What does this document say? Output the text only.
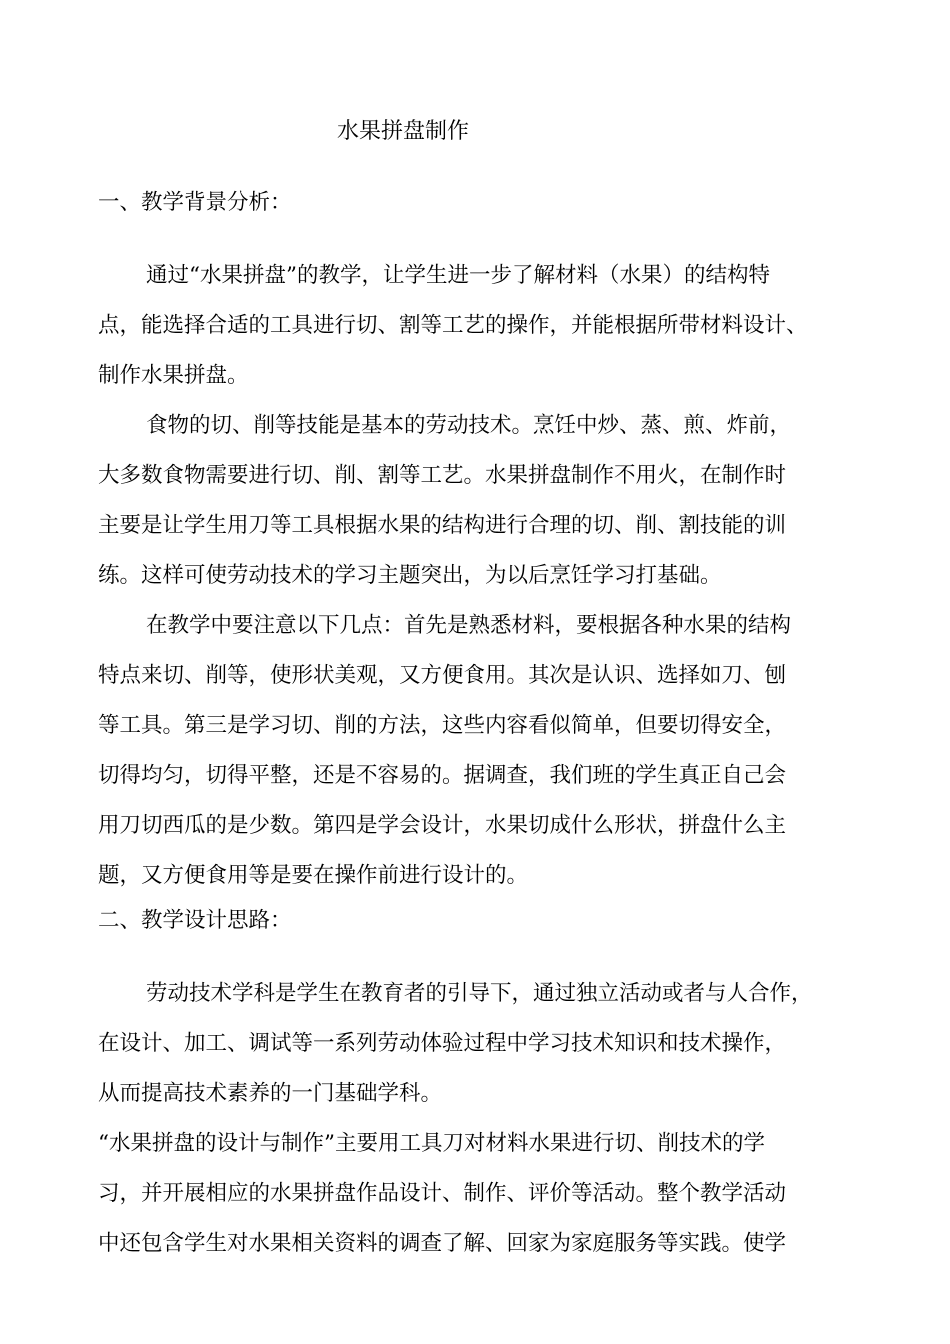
水果拼盘制作

一、教学背景分析：

通过“水果拼盘”的教学，让学生进一步了解材料（水果）的结构特
点，能选择合适的工具进行切、割等工艺的操作，并能根据所带材料设计、
制作水果拼盘。

食物的切、削等技能是基本的劳动技术。烹饪中炒、蒸、煎、炸前，
大多数食物需要进行切、削、割等工艺。水果拼盘制作不用火，在制作时
主要是让学生用刀等工具根据水果的结构进行合理的切、削、割技能的训
练。这样可使劳动技术的学习主题突出，为以后烹饪学习打基础。

在教学中要注意以下几点：首先是熟悉材料，要根据各种水果的结构
特点来切、削等，使形状美观，又方便食用。其次是认识、选择如刀、刨
等工具。第三是学习切、削的方法，这些内容看似简单，但要切得安全，
切得均匀，切得平整，还是不容易的。据调查，我们班的学生真正自己会
用刀切西瓜的是少数。第四是学会设计，水果切成什么形状，拼盘什么主
题，又方便食用等是要在操作前进行设计的。

二、教学设计思路：

劳动技术学科是学生在教育者的引导下，通过独立活动或者与人合作，
在设计、加工、调试等一系列劳动体验过程中学习技术知识和技术操作，
从而提高技术素养的一门基础学科。

“水果拼盘的设计与制作”主要用工具刀对材料水果进行切、削技术的学
习，并开展相应的水果拼盘作品设计、制作、评价等活动。整个教学活动
中还包含学生对水果相关资料的调查了解、回家为家庭服务等实践。使学
